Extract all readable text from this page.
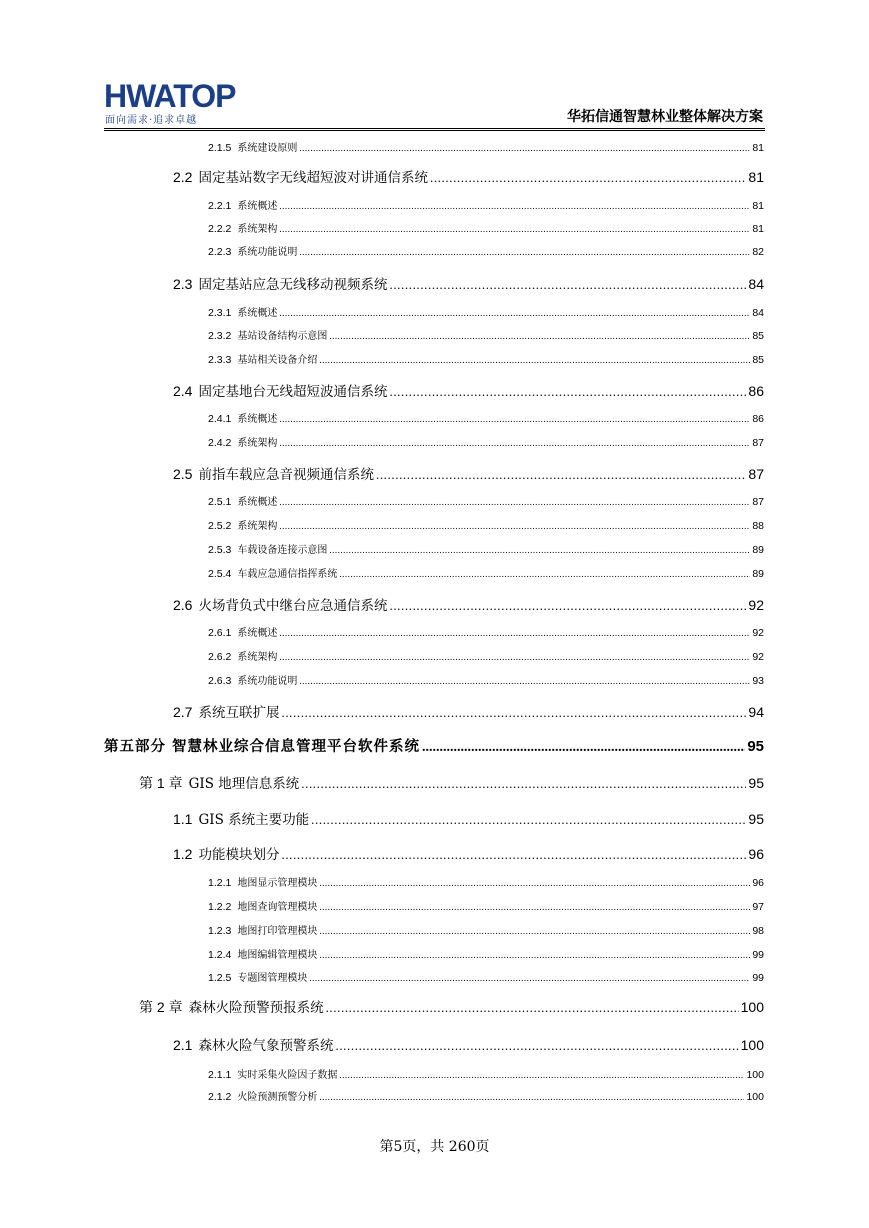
HWATOP
面向需求·追求卓越	华拓信通智慧林业整体解决方案
2.1.5 系统建设原则 .....	81
2.2 固定基站数字无线超短波对讲通信系统 .....	81
2.2.1 系统概述 .....	81
2.2.2 系统架构 .....	81
2.2.3 系统功能说明 .....	82
2.3 固定基站应急无线移动视频系统 .....	84
2.3.1 系统概述 .....	84
2.3.2 基站设备结构示意图 .....	85
2.3.3 基站相关设备介绍 .....	85
2.4 固定基地台无线超短波通信系统 .....	86
2.4.1 系统概述 .....	86
2.4.2 系统架构 .....	87
2.5 前指车载应急音视频通信系统 .....	87
2.5.1 系统概述 .....	87
2.5.2 系统架构 .....	88
2.5.3 车载设备连接示意图 .....	89
2.5.4 车载应急通信指挥系统 .....	89
2.6 火场背负式中继台应急通信系统 .....	92
2.6.1 系统概述 .....	92
2.6.2 系统架构 .....	92
2.6.3 系统功能说明 .....	93
2.7 系统互联扩展 .....	94
第五部分 智慧林业综合信息管理平台软件系统 .....	95
第 1 章 GIS 地理信息系统 .....	95
1.1 GIS 系统主要功能 .....	95
1.2 功能模块划分 .....	96
1.2.1 地图显示管理模块 .....	96
1.2.2 地图查询管理模块 .....	97
1.2.3 地图打印管理模块 .....	98
1.2.4 地图编辑管理模块 .....	99
1.2.5 专题图管理模块 .....	99
第 2 章 森林火险预警预报系统 .....	100
2.1 森林火险气象预警系统 .....	100
2.1.1 实时采集火险因子数据 .....	100
2.1.2 火险预测预警分析 .....	100
第5页，共 260页
